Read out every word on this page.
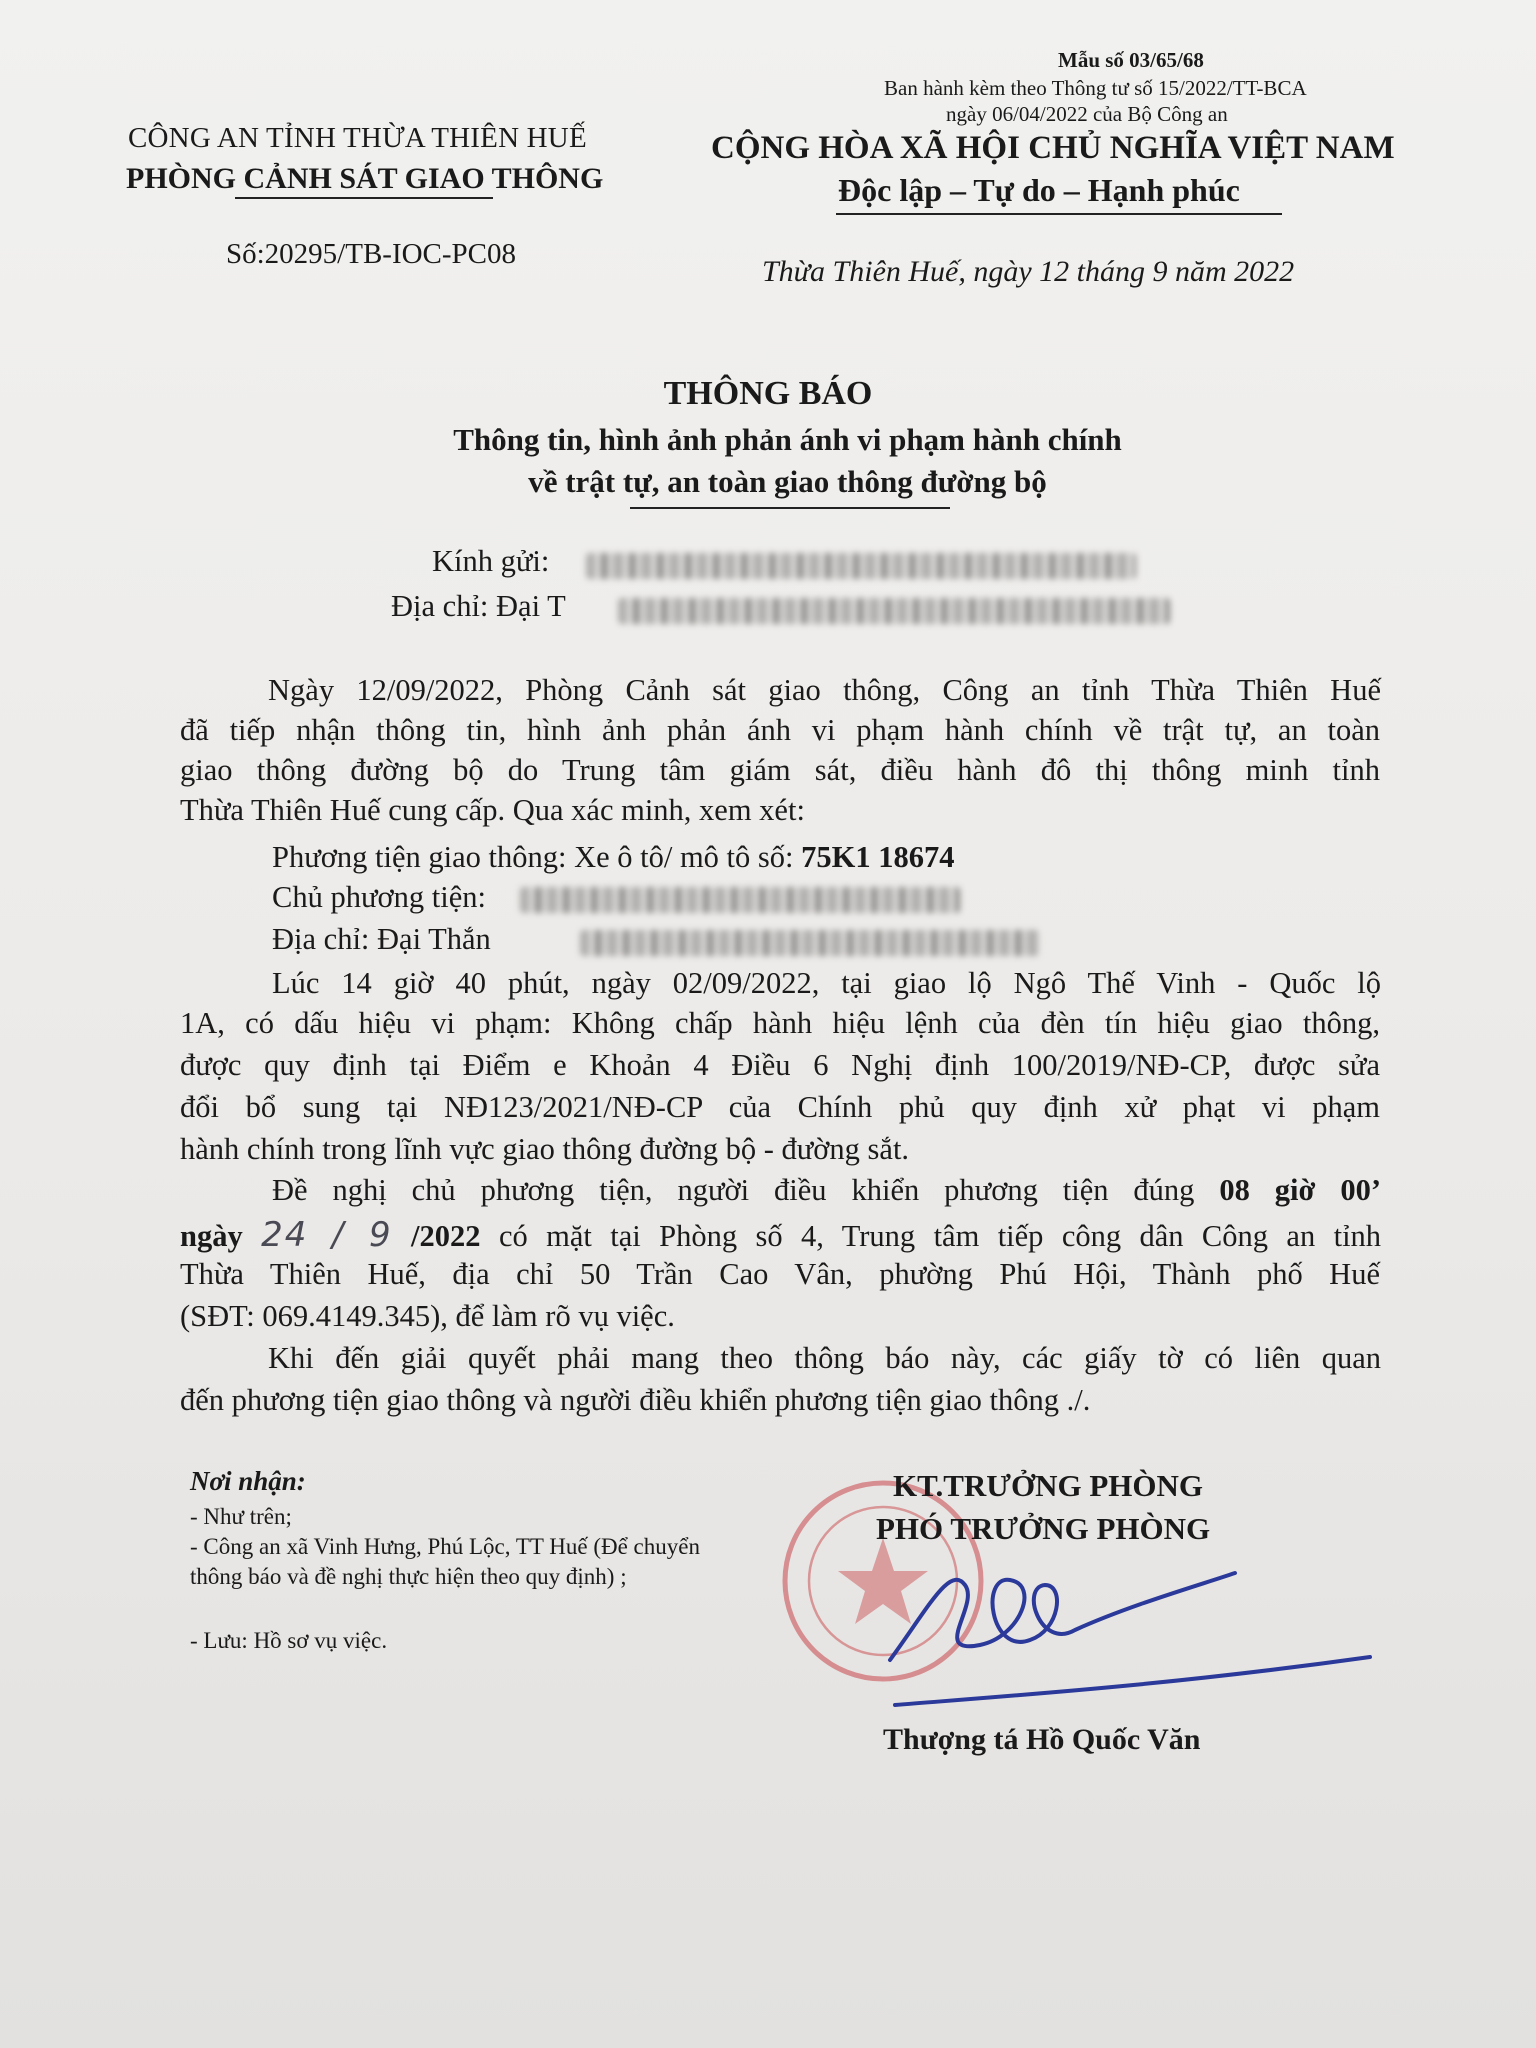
Mẫu số 03/65/68
Ban hành kèm theo Thông tư số 15/2022/TT-BCA
ngày 06/04/2022 của Bộ Công an
CÔNG AN TỈNH THỪA THIÊN HUẾ
PHÒNG CẢNH SÁT GIAO THÔNG
Số:20295/TB-IOC-PC08
CỘNG HÒA XÃ HỘI CHỦ NGHĨA VIỆT NAM
Độc lập – Tự do – Hạnh phúc
Thừa Thiên Huế, ngày 12 tháng 9 năm 2022
THÔNG BÁO
Thông tin, hình ảnh phản ánh vi phạm hành chính
về trật tự, an toàn giao thông đường bộ
Kính gửi:
Địa chỉ: Đại T
Ngày 12/09/2022, Phòng Cảnh sát giao thông, Công an tỉnh Thừa Thiên Huế
đã tiếp nhận thông tin, hình ảnh phản ánh vi phạm hành chính về trật tự, an toàn
giao thông đường bộ do Trung tâm giám sát, điều hành đô thị thông minh tỉnh
Thừa Thiên Huế cung cấp. Qua xác minh, xem xét:
Phương tiện giao thông: Xe ô tô/ mô tô số: 75K1 18674
Chủ phương tiện:
Địa chỉ: Đại Thắn
Lúc 14 giờ 40 phút, ngày 02/09/2022, tại giao lộ Ngô Thế Vinh - Quốc lộ
1A, có dấu hiệu vi phạm: Không chấp hành hiệu lệnh của đèn tín hiệu giao thông,
được quy định tại Điểm e Khoản 4 Điều 6 Nghị định 100/2019/NĐ-CP, được sửa
đổi bổ sung tại NĐ123/2021/NĐ-CP của Chính phủ quy định xử phạt vi phạm
hành chính trong lĩnh vực giao thông đường bộ - đường sắt.
Đề nghị chủ phương tiện, người điều khiển phương tiện đúng 08 giờ 00’
ngày 24 / 9 /2022 có mặt tại Phòng số 4, Trung tâm tiếp công dân Công an tỉnh
Thừa Thiên Huế, địa chỉ 50 Trần Cao Vân, phường Phú Hội, Thành phố Huế
(SĐT: 069.4149.345), để làm rõ vụ việc.
Khi đến giải quyết phải mang theo thông báo này, các giấy tờ có liên quan
đến phương tiện giao thông và người điều khiển phương tiện giao thông ./.
Nơi nhận:
- Như trên;
- Công an xã Vinh Hưng, Phú Lộc, TT Huế (Để chuyển thông báo và đề nghị thực hiện theo quy định) ;
- Lưu: Hồ sơ vụ việc.
KT.TRƯỞNG PHÒNG
PHÓ TRƯỞNG PHÒNG
Thượng tá Hồ Quốc Văn
